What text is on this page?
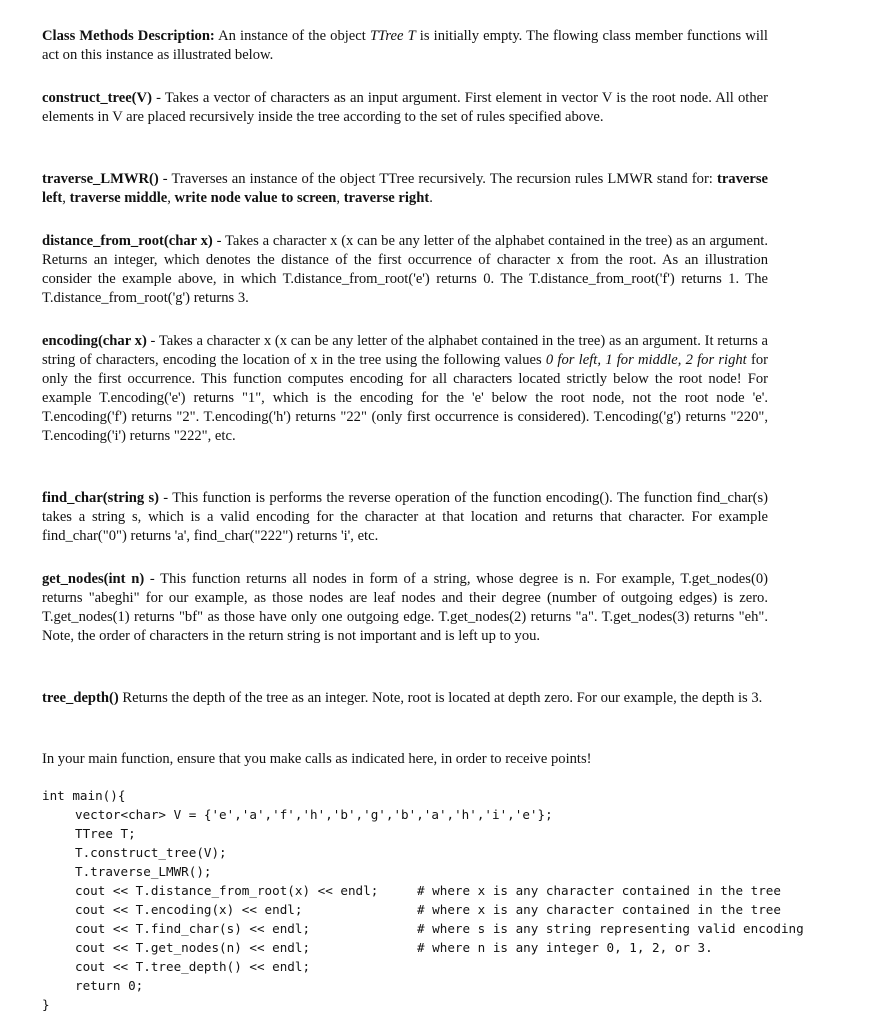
Class Methods Description: An instance of the object TTree T is initially empty. The flowing class member functions will act on this instance as illustrated below.
construct_tree(V) - Takes a vector of characters as an input argument. First element in vector V is the root node. All other elements in V are placed recursively inside the tree according to the set of rules specified above.
traverse_LMWR() - Traverses an instance of the object TTree recursively. The recursion rules LMWR stand for: traverse left, traverse middle, write node value to screen, traverse right.
distance_from_root(char x) - Takes a character x (x can be any letter of the alphabet contained in the tree) as an argument. Returns an integer, which denotes the distance of the first occurrence of character x from the root. As an illustration consider the example above, in which T.distance_from_root('e') returns 0. The T.distance_from_root('f') returns 1. The T.distance_from_root('g') returns 3.
encoding(char x) - Takes a character x (x can be any letter of the alphabet contained in the tree) as an argument. It returns a string of characters, encoding the location of x in the tree using the following values 0 for left, 1 for middle, 2 for right for only the first occurrence. This function computes encoding for all characters located strictly below the root node! For example T.encoding('e') returns "1", which is the encoding for the 'e' below the root node, not the root node 'e'. T.encoding('f') returns "2". T.encoding('h') returns "22" (only first occurrence is considered). T.encoding('g') returns "220", T.encoding('i') returns "222", etc.
find_char(string s) - This function is performs the reverse operation of the function encoding(). The function find_char(s) takes a string s, which is a valid encoding for the character at that location and returns that character. For example find_char("0") returns 'a', find_char("222") returns 'i', etc.
get_nodes(int n) - This function returns all nodes in form of a string, whose degree is n. For example, T.get_nodes(0) returns "abeghi" for our example, as those nodes are leaf nodes and their degree (number of outgoing edges) is zero. T.get_nodes(1) returns "bf" as those have only one outgoing edge. T.get_nodes(2) returns "a". T.get_nodes(3) returns "eh". Note, the order of characters in the return string is not important and is left up to you.
tree_depth() Returns the depth of the tree as an integer. Note, root is located at depth zero. For our example, the depth is 3.
In your main function, ensure that you make calls as indicated here, in order to receive points!
int main(){
vector<char> V = {'e','a','f','h','b','g','b','a','h','i','e'};
TTree T;
T.construct_tree(V);
T.traverse_LMWR();
cout << T.distance_from_root(x) << endl;	# where x is any character contained in the tree
cout << T.encoding(x) << endl;	# where x is any character contained in the tree
cout << T.find_char(s) << endl;	# where s is any string representing valid encoding
cout << T.get_nodes(n) << endl;	# where n is any integer 0, 1, 2, or 3.
cout << T.tree_depth() << endl;
return 0;
}
